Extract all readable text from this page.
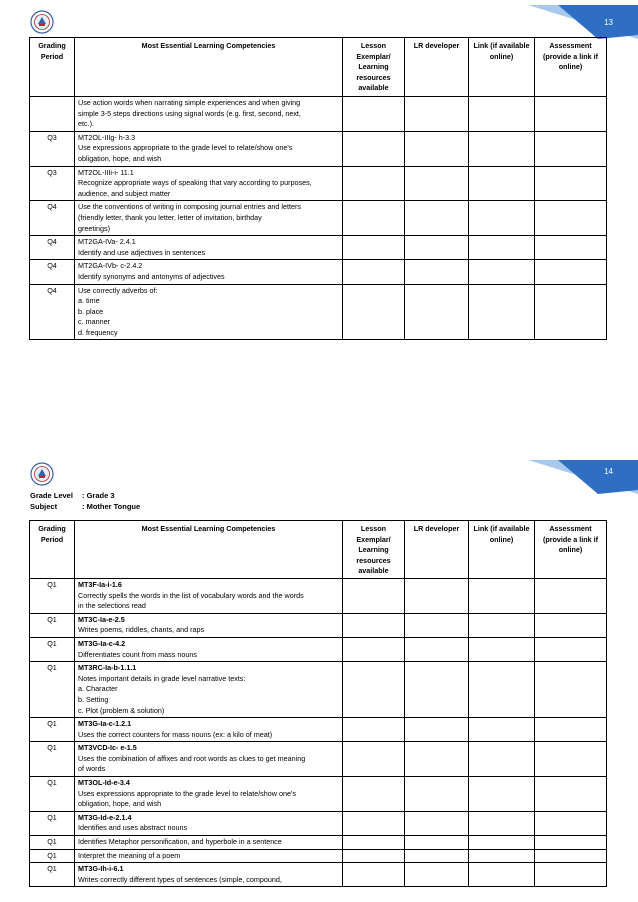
13
Grading Period	Most Essential Learning Competencies	Lesson Exemplar/ Learning resources available	LR developer	Link (if available online)	Assessment (provide a link if online)

	Use action words when narrating simple experiences and when giving
simple 3-5 steps directions using signal words (e.g. first, second, next,
etc.).				

Q3	MT2OL-IIIg- h-3.3
Use expressions appropriate to the grade level to relate/show one's
obligation, hope, and wish				

Q3	MT2OL-IIIi-i- 11.1
Recognize appropriate ways of speaking that vary according to purposes,
audience, and subject matter				

Q4	Use the conventions of writing in composing journal entries and letters
(friendly letter, thank you letter, letter of invitation, birthday
greetings)				

Q4	MT2GA-IVa- 2.4.1
Identify and use adjectives in sentences				

Q4	MT2GA-IVb- c-2.4.2
Identify synonyms and antonyms of adjectives				

Q4	Use correctly adverbs of:
a. time
b. place
c. manner
d. frequency				

14
Grade Level	: Grade 3
Subject	: Mother Tongue
Grading Period	Most Essential Learning Competencies	Lesson Exemplar/ Learning resources available	LR developer	Link (if available online)	Assessment (provide a link if online)
Q1	MT3F-Ia-i-1.6
Correctly spells the words in the list of vocabulary words and the words
in the selections read				

Q1	MT3C-Ia-e-2.5
Writes poems, riddles, chants, and raps				

Q1	MT3G-Ia-c-4.2
Differentiates count from mass nouns				

Q1	MT3RC-Ia-b-1.1.1
Notes important details in grade level narrative texts:
a. Character
b. Setting
c. Plot (problem & solution)				

Q1	MT3G-Ia-c-1.2.1
Uses the correct counters for mass nouns (ex: a kilo of meat)				

Q1	MT3VCD-Ic- e-1.5
Uses the combination of affixes and root words as clues to get meaning
of words				

Q1	MT3OL-Id-e-3.4
Uses expressions appropriate to the grade level to relate/show one's
obligation, hope, and wish				

Q1	MT3G-Id-e-2.1.4
Identifies and uses abstract nouns				

Q1	Identifies Metaphor personification, and hyperbole in a sentence				

Q1	Interpret the meaning of a poem				

Q1	MT3G-Ih-i-6.1
Writes correctly different types of sentences (simple, compound,				
